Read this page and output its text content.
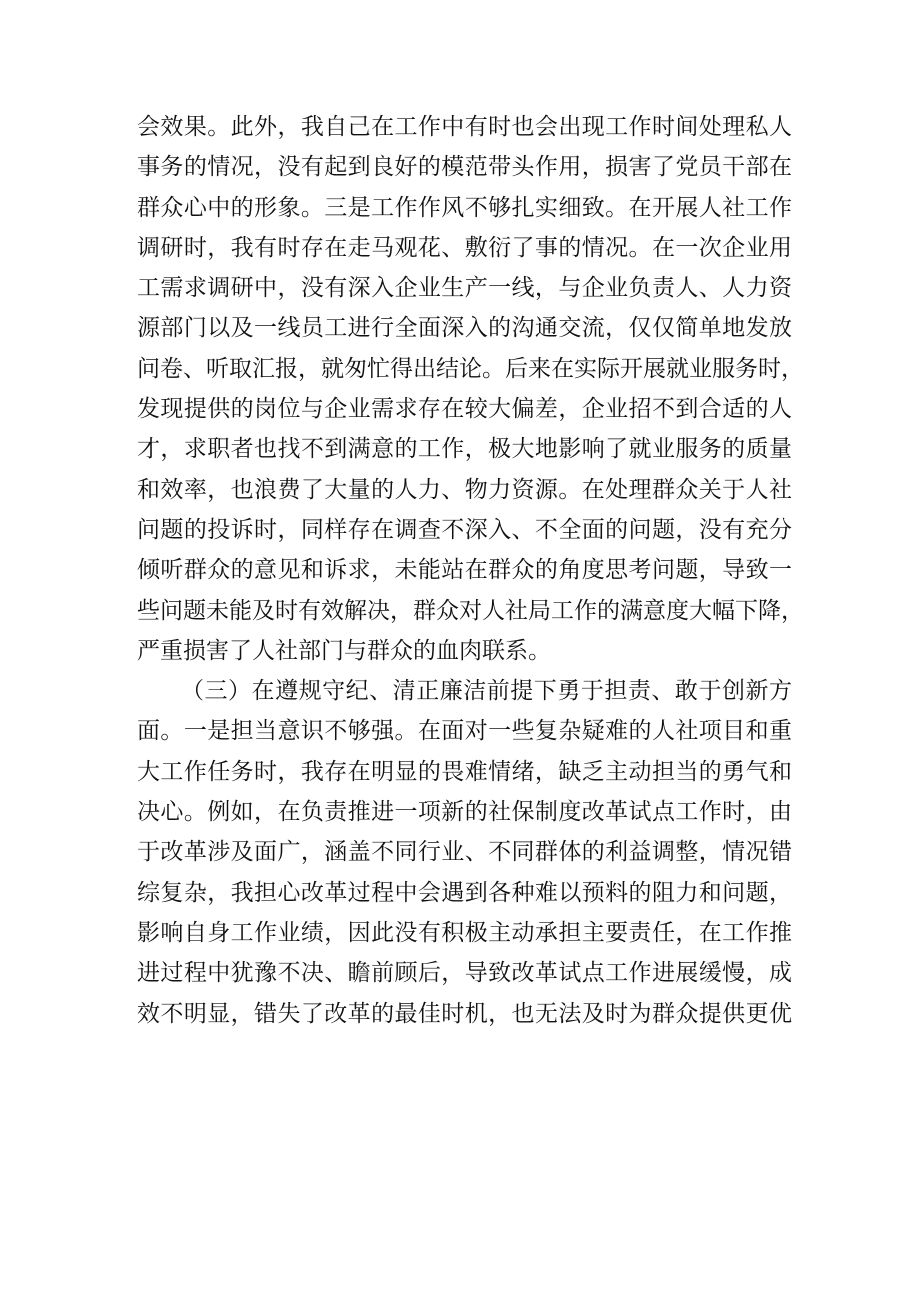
会效果。此外，我自己在工作中有时也会出现工作时间处理私人
事务的情况，没有起到良好的模范带头作用，损害了党员干部在
群众心中的形象。三是工作作风不够扎实细致。在开展人社工作
调研时，我有时存在走马观花、敷衍了事的情况。在一次企业用
工需求调研中，没有深入企业生产一线，与企业负责人、人力资
源部门以及一线员工进行全面深入的沟通交流，仅仅简单地发放
问卷、听取汇报，就匆忙得出结论。后来在实际开展就业服务时，
发现提供的岗位与企业需求存在较大偏差，企业招不到合适的人
才，求职者也找不到满意的工作，极大地影响了就业服务的质量
和效率，也浪费了大量的人力、物力资源。在处理群众关于人社
问题的投诉时，同样存在调查不深入、不全面的问题，没有充分
倾听群众的意见和诉求，未能站在群众的角度思考问题，导致一
些问题未能及时有效解决，群众对人社局工作的满意度大幅下降，
严重损害了人社部门与群众的血肉联系。
（三）在遵规守纪、清正廉洁前提下勇于担责、敢于创新方
面。一是担当意识不够强。在面对一些复杂疑难的人社项目和重
大工作任务时，我存在明显的畏难情绪，缺乏主动担当的勇气和
决心。例如，在负责推进一项新的社保制度改革试点工作时，由
于改革涉及面广，涵盖不同行业、不同群体的利益调整，情况错
综复杂，我担心改革过程中会遇到各种难以预料的阻力和问题，
影响自身工作业绩，因此没有积极主动承担主要责任，在工作推
进过程中犹豫不决、瞻前顾后，导致改革试点工作进展缓慢，成
效不明显，错失了改革的最佳时机，也无法及时为群众提供更优
